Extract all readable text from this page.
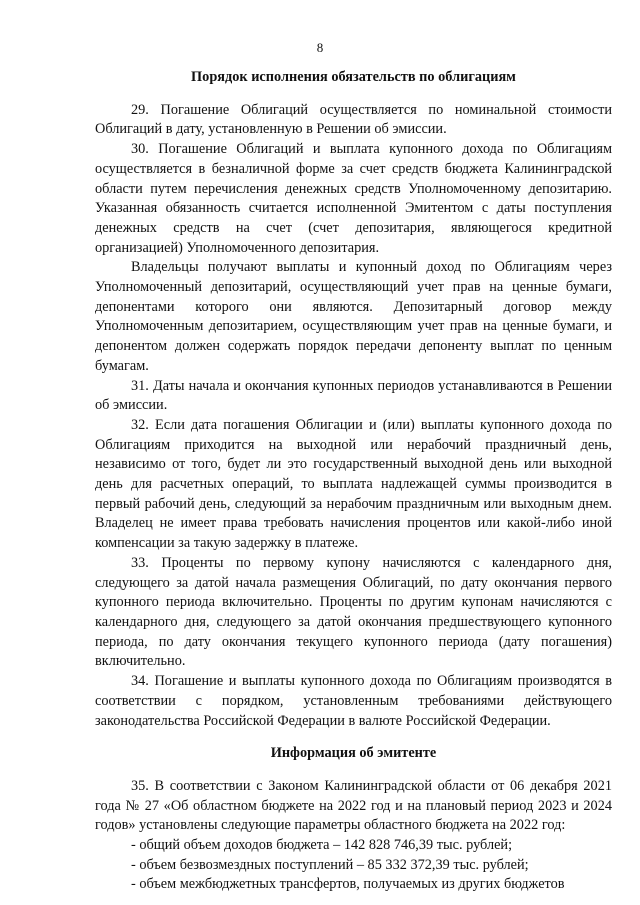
8

Порядок исполнения обязательств по облигациям

29. Погашение Облигаций осуществляется по номинальной стоимости Облигаций в дату, установленную в Решении об эмиссии.

30. Погашение Облигаций и выплата купонного дохода по Облигациям осуществляется в безналичной форме за счет средств бюджета Калининградской области путем перечисления денежных средств Уполномоченному депозитарию. Указанная обязанность считается исполненной Эмитентом с даты поступления денежных средств на счет (счет депозитария, являющегося кредитной организацией) Уполномоченного депозитария.

Владельцы получают выплаты и купонный доход по Облигациям через Уполномоченный депозитарий, осуществляющий учет прав на ценные бумаги, депонентами которого они являются. Депозитарный договор между Уполномоченным депозитарием, осуществляющим учет прав на ценные бумаги, и депонентом должен содержать порядок передачи депоненту выплат по ценным бумагам.

31. Даты начала и окончания купонных периодов устанавливаются в Решении об эмиссии.

32. Если дата погашения Облигации и (или) выплаты купонного дохода по Облигациям приходится на выходной или нерабочий праздничный день, независимо от того, будет ли это государственный выходной день или выходной день для расчетных операций, то выплата надлежащей суммы производится в первый рабочий день, следующий за нерабочим праздничным или выходным днем. Владелец не имеет права требовать начисления процентов или какой-либо иной компенсации за такую задержку в платеже.

33. Проценты по первому купону начисляются с календарного дня, следующего за датой начала размещения Облигаций, по дату окончания первого купонного периода включительно. Проценты по другим купонам начисляются с календарного дня, следующего за датой окончания предшествующего купонного периода, по дату окончания текущего купонного периода (дату погашения) включительно.

34. Погашение и выплаты купонного дохода по Облигациям производятся в соответствии с порядком, установленным требованиями действующего законодательства Российской Федерации в валюте Российской Федерации.

Информация об эмитенте

35. В соответствии с Законом Калининградской области от 06 декабря 2021 года № 27 «Об областном бюджете на 2022 год и на плановый период 2023 и 2024 годов» установлены следующие параметры областного бюджета на 2022 год:

- общий объем доходов бюджета – 142 828 746,39 тыс. рублей;

- объем безвозмездных поступлений – 85 332 372,39 тыс. рублей;

- объем межбюджетных трансфертов, получаемых из других бюджетов
